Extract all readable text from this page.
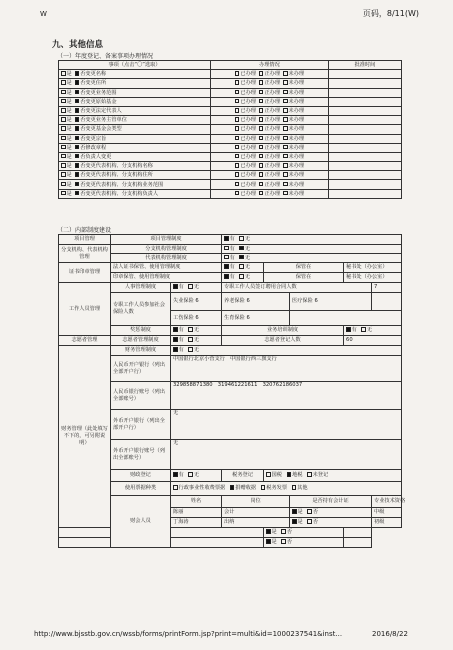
W	页码，8/11(W)
九、其他信息
（一）年度登记、备案事项办理情况
事项（点击“〇”选取）	办理情况	批准时间
是 否变更名称	已办理 正办理 未办理	
是 否变更住所	已办理 正办理 未办理	
是 否变更业务范围	已办理 正办理 未办理	
是 否变更原始基金	已办理 正办理 未办理	
是 否变更法定代表人	已办理 正办理 未办理	
是 否变更业务主管单位	已办理 正办理 未办理	
是 否变更基金会类型	已办理 正办理 未办理	
是 否变更宗旨	已办理 正办理 未办理	
是 否修改章程	已办理 正办理 未办理	
是 否负责人变更	已办理 正办理 未办理	
是 否变更代表机构、分支机构名称	已办理 正办理 未办理	
是 否变更代表机构、分支机构住所	已办理 正办理 未办理	
是 否变更代表机构、分支机构业务范围	已办理 正办理 未办理	
是 否变更代表机构、分支机构负责人	已办理 正办理 未办理	
（二）内部制度建设
项目管理	项目管理制度		有 无				
分支机构、代表机构管理	分支机构管理制度		有 无				
	代表机构管理制度		有 无				
证书印章管理	法人证书保管、使用管理制度		有 无	保管在		秘书处（办公室）	
	印章保管、使用管理制度		有 无	保管在		秘书处（办公室）	
工作人员管理	人事管理制度	有 无	专职工作人员签订聘用合同人数				7
	专职工作人员参加社会保险人数	失业保险 6	养老保险 6		医疗保险 6		
		工伤保险 6	生育保险 6				
	奖惩制度	有 无	业务培训制度			有 无	
志愿者管理	志愿者管理制度	有 无	志愿者登记人数			60	
财务管理（此处填写不下的，可另附说明）	财务管理制度	有 无					
	人民币开户银行（列出全部开户行）	中国银行北京小营支行　中国银行西三旗支行					
	人民币银行账号（列出全部账号）	329858871380　319461221611　320762186037					
	外币开户银行（列出全部开户行）	无					
	外币开户银行账号（列出全部账号）	无					
	财政登记	有 无	税务登记	国税 地税 未登记			
	使用票据种类	行政事业性收费票据 捐赠收据 税务发票 其他					
	财会人员	姓名	岗位		是否持有会计证		专业技术资格
		陈丽	会计		是 否		中级
		丁海涛	出纳		是 否		初级
				是 否			
				是 否			
http://www.bjsstb.gov.cn/wssb/forms/printForm.jsp?print=multi&id=1000237541&inst...	2016/8/22
